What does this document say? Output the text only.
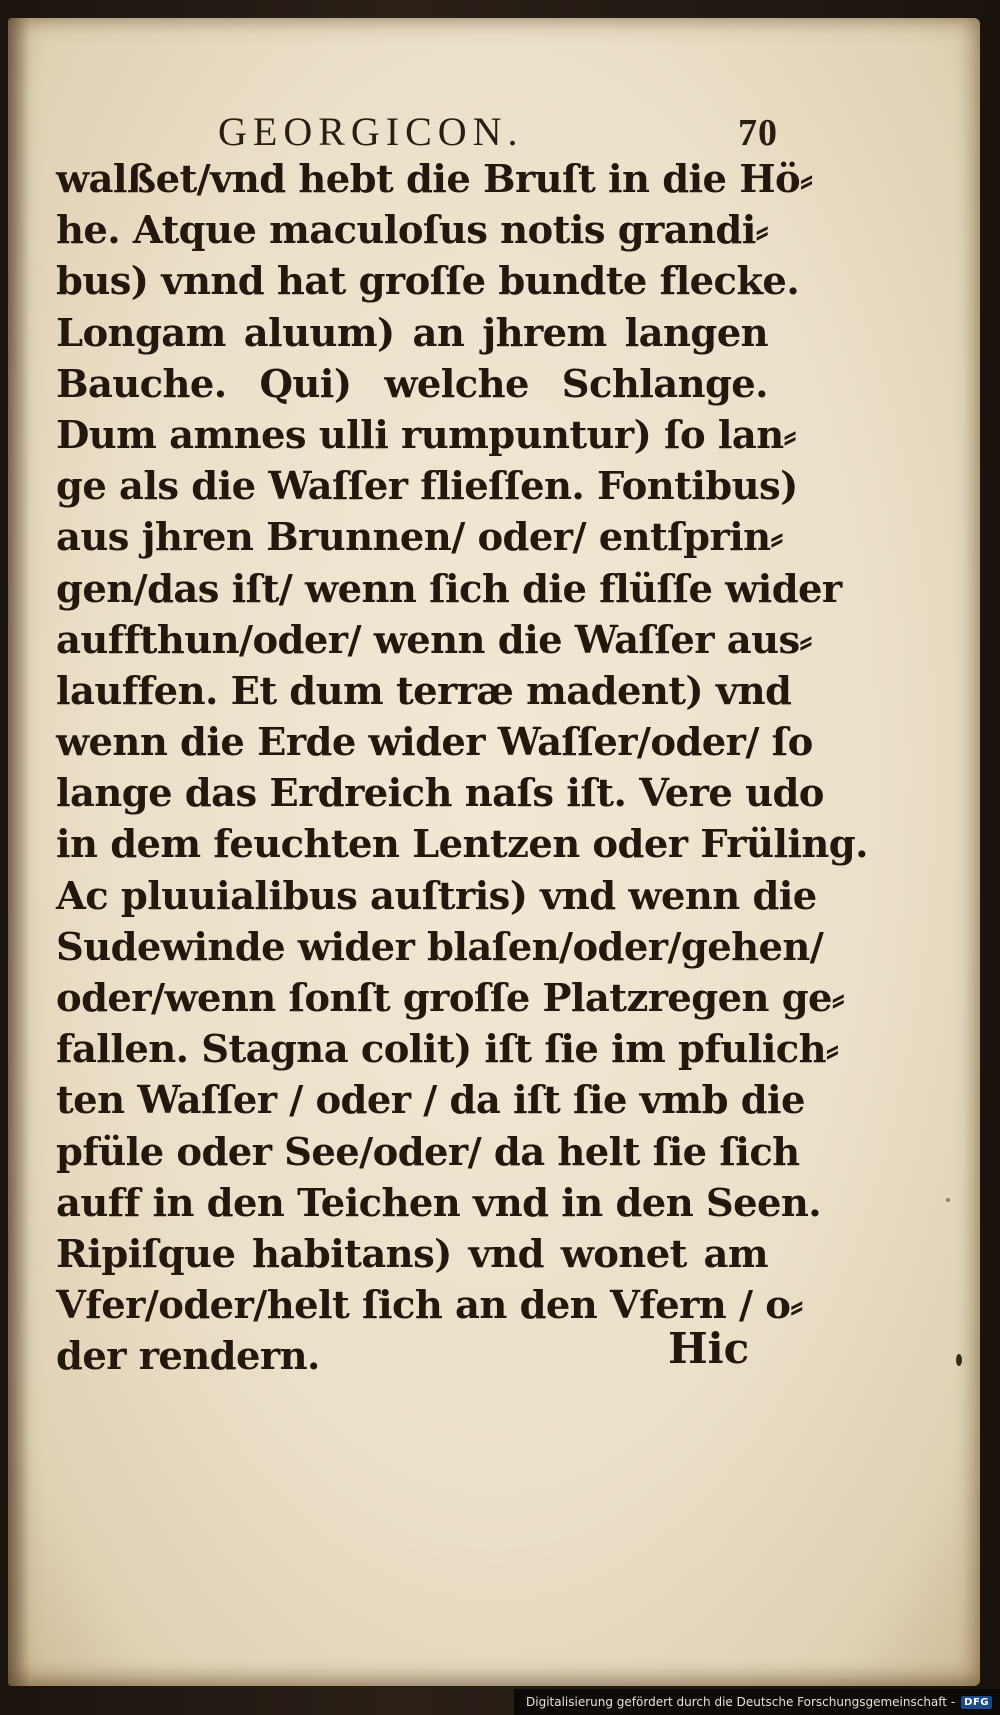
GEORGICON.	70
walßet/vnd hebt die Bruſt in die Hö⸗
he. Atque maculoſus notis grandi⸗
bus) vnnd hat groſſe bundte flecke.
Longam aluum) an jhrem langen
Bauche. Qui) welche Schlange.
Dum amnes ulli rumpuntur) ſo lan⸗
ge als die Waſſer flieſſen. Fontibus)
aus jhren Brunnen/ oder/ entſprin⸗
gen/das iſt/ wenn ſich die flüſſe wider
auffthun/oder/ wenn die Waſſer aus⸗
lauffen. Et dum terræ madent) vnd
wenn die Erde wider Waſſer/oder/ ſo
lange das Erdreich naſs iſt. Vere udo
in dem feuchten Lentzen oder Früling.
Ac pluuialibus auſtris) vnd wenn die
Sudewinde wider blaſen/oder/gehen/
oder/wenn ſonſt groſſe Platzregen ge⸗
fallen. Stagna colit) iſt ſie im pfulich⸗
ten Waſſer / oder / da iſt ſie vmb die
pfüle oder See/oder/ da helt ſie ſich
auff in den Teichen vnd in den Seen.
Ripiſque habitans) vnd wonet am
Vfer/oder/helt ſich an den Vfern / o⸗
der rendern.	Hic
Digitalisierung gefördert durch die Deutsche Forschungsgemeinschaft - DFG
